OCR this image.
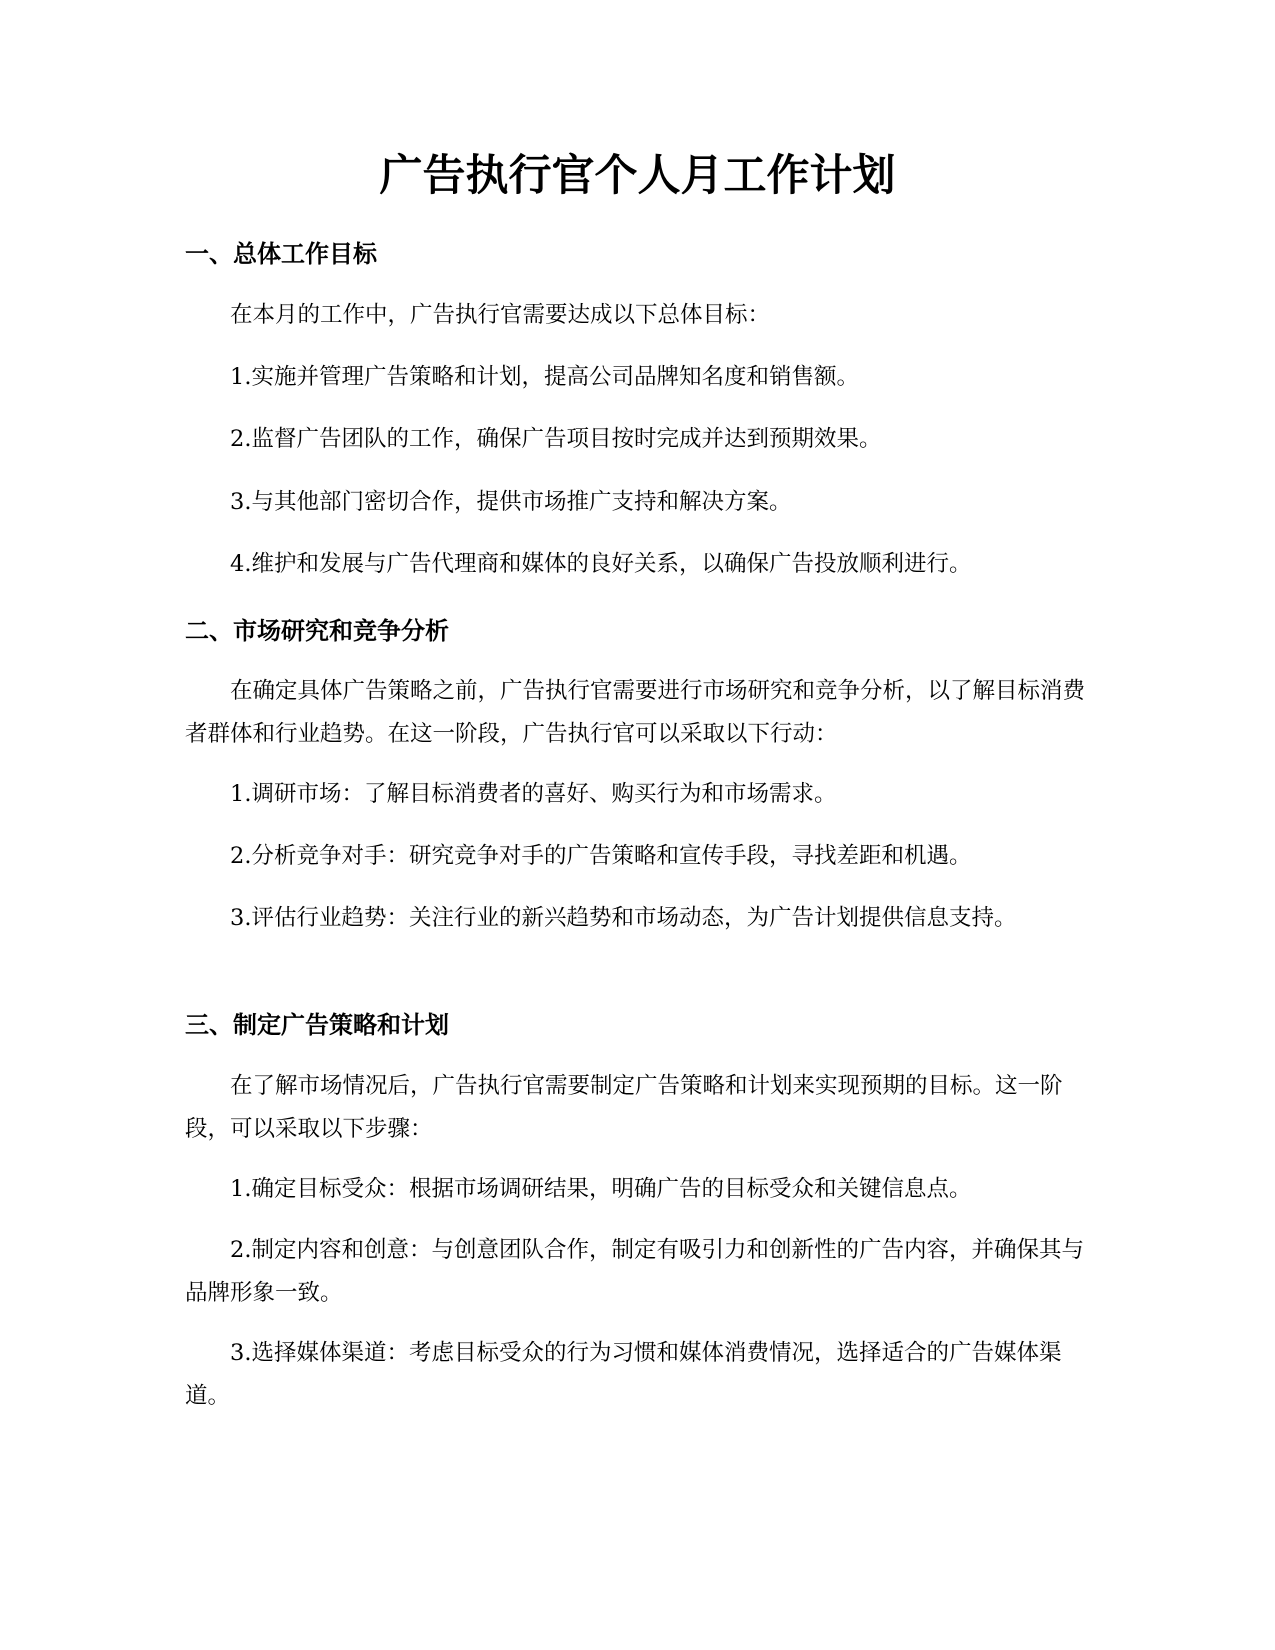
广告执行官个人月工作计划
一、总体工作目标

在本月的工作中，广告执行官需要达成以下总体目标：

1.实施并管理广告策略和计划，提高公司品牌知名度和销售额。

2.监督广告团队的工作，确保广告项目按时完成并达到预期效果。

3.与其他部门密切合作，提供市场推广支持和解决方案。

4.维护和发展与广告代理商和媒体的良好关系，以确保广告投放顺利进行。

二、市场研究和竞争分析

在确定具体广告策略之前，广告执行官需要进行市场研究和竞争分析，以了解目标消费者群体和行业趋势。在这一阶段，广告执行官可以采取以下行动：

1.调研市场：了解目标消费者的喜好、购买行为和市场需求。

2.分析竞争对手：研究竞争对手的广告策略和宣传手段，寻找差距和机遇。

3.评估行业趋势：关注行业的新兴趋势和市场动态，为广告计划提供信息支持。

三、制定广告策略和计划

在了解市场情况后，广告执行官需要制定广告策略和计划来实现预期的目标。这一阶段，可以采取以下步骤：

1.确定目标受众：根据市场调研结果，明确广告的目标受众和关键信息点。

2.制定内容和创意：与创意团队合作，制定有吸引力和创新性的广告内容，并确保其与品牌形象一致。

3.选择媒体渠道：考虑目标受众的行为习惯和媒体消费情况，选择适合的广告媒体渠道。
